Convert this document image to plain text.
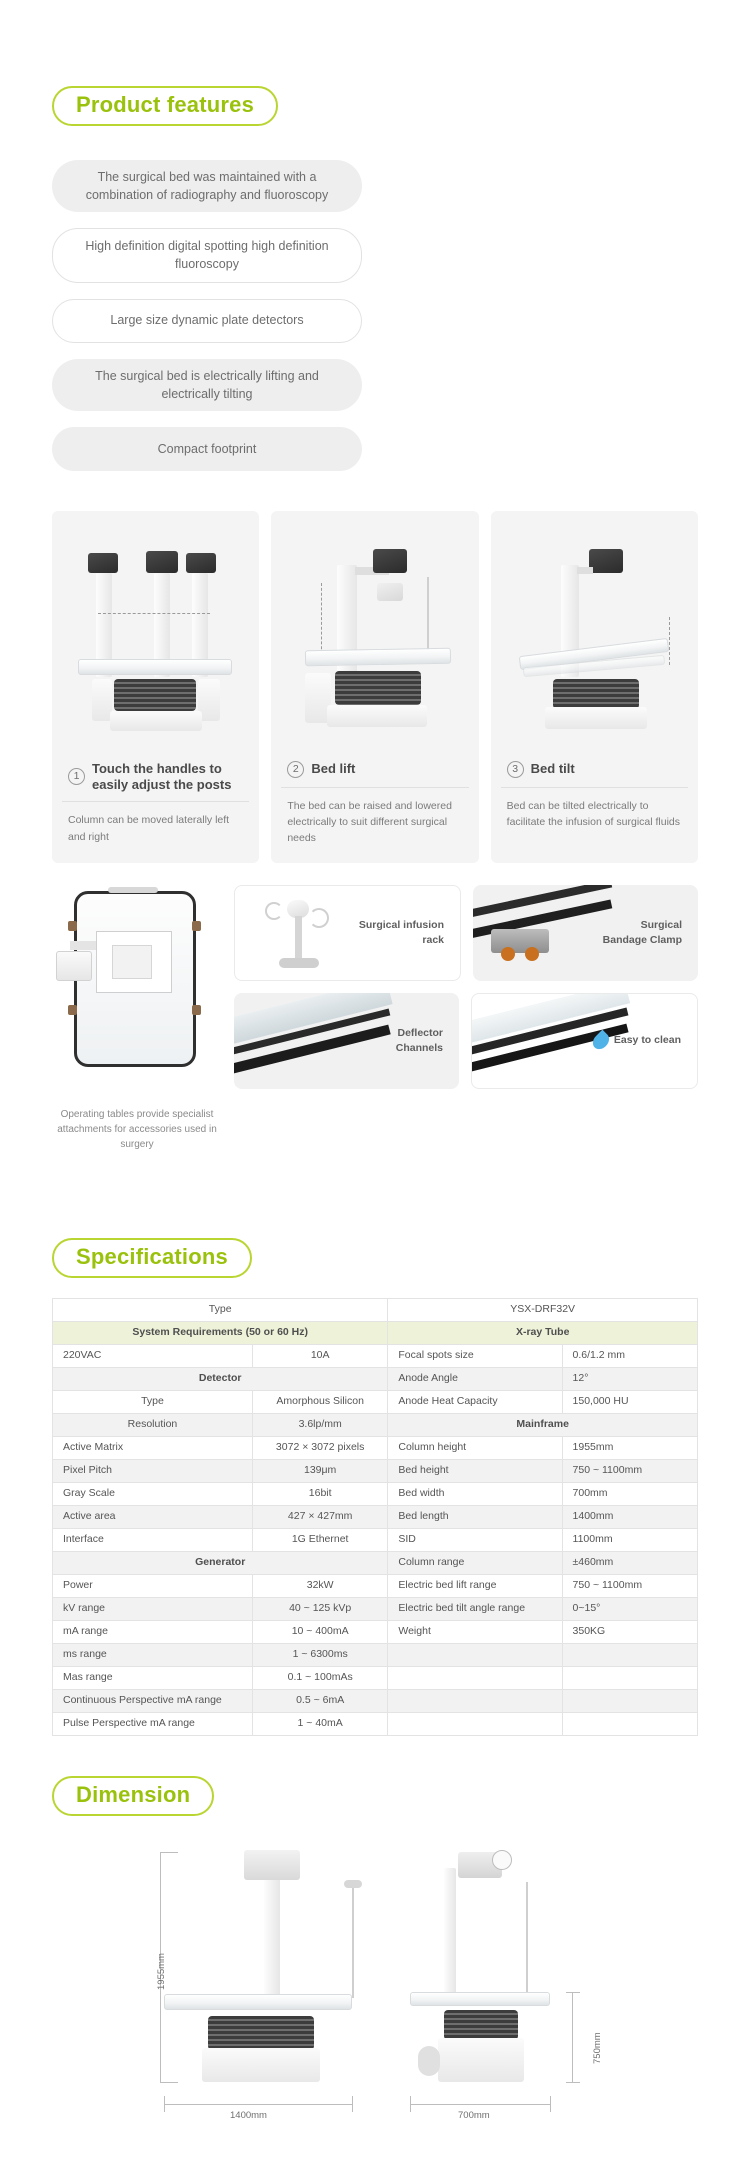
Product features
The surgical bed was maintained with a combination of radiography and fluoroscopy
High definition digital spotting high definition fluoroscopy
Large size dynamic plate detectors
The surgical bed is electrically lifting and electrically tilting
Compact footprint
1
Touch the handles to easily adjust the posts
Column can be moved laterally left and right
2 Bed lift
The bed can be raised and lowered electrically to suit different surgical needs
3 Bed tilt
Bed can be tilted electrically to facilitate the infusion of surgical fluids
Operating tables provide specialist attachments for accessories used in surgery
Surgical infusion rack
Surgical Bandage Clamp
Deflector Channels
Easy to clean
Specifications
Type		YSX-DRF32V	
System Requirements (50 or 60 Hz)		X-ray Tube	
220VAC	10A	Focal spots size	0.6/1.2 mm
Detector		Anode Angle	12°
Type	Amorphous Silicon	Anode Heat Capacity	150,000 HU
Resolution	3.6lp/mm	Mainframe	
Active Matrix	3072 × 3072 pixels	Column height	1955mm
Pixel Pitch	139μm	Bed height	750 ~ 1100mm
Gray Scale	16bit	Bed width	700mm
Active area	427 × 427mm	Bed length	1400mm
Interface	1G Ethernet	SID	1100mm
Generator		Column range	±460mm
Power	32kW	Electric bed lift range	750 ~ 1100mm
kV range	40 ~ 125 kVp	Electric bed tilt angle range	0~15°
mA range	10 ~ 400mA	Weight	350KG
ms range	1 ~ 6300ms		
Mas range	0.1 ~ 100mAs		
Continuous Perspective mA range	0.5 ~ 6mA		
Pulse Perspective mA range	1 ~ 40mA		
Dimension
1955mm
1400mm
750mm
700mm
